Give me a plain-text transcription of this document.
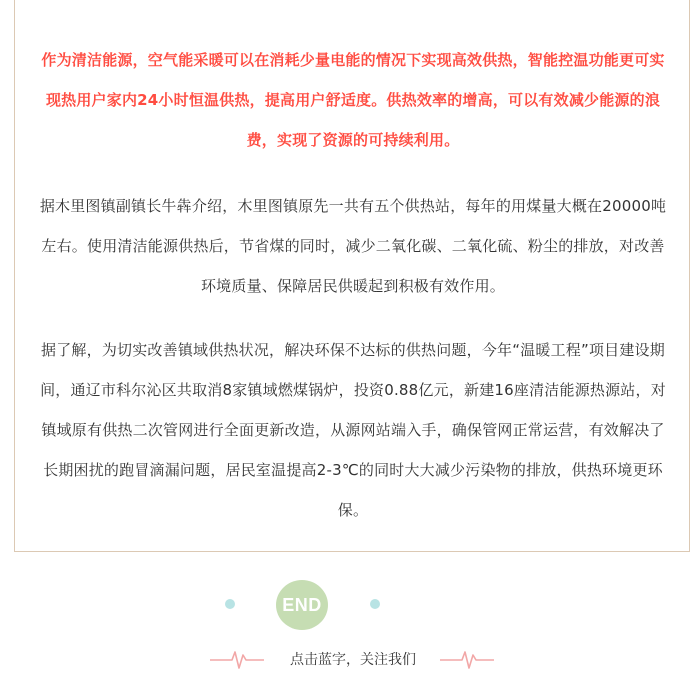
作为清洁能源，空气能采暖可以在消耗少量电能的情况下实现高效供热，智能控温功能更可实现热用户家内24小时恒温供热，提高用户舒适度。供热效率的增高，可以有效减少能源的浪费，实现了资源的可持续利用。

据木里图镇副镇长牛犇介绍，木里图镇原先一共有五个供热站，每年的用煤量大概在20000吨左右。使用清洁能源供热后，节省煤的同时，减少二氧化碳、二氧化硫、粉尘的排放，对改善环境质量、保障居民供暖起到积极有效作用。

据了解，为切实改善镇域供热状况，解决环保不达标的供热问题，今年“温暖工程”项目建设期间，通辽市科尔沁区共取消8家镇域燃煤锅炉，投资0.88亿元，新建16座清洁能源热源站，对镇域原有供热二次管网进行全面更新改造，从源网站端入手，确保管网正常运营，有效解决了长期困扰的跑冒滴漏问题，居民室温提高2-3℃的同时大大减少污染物的排放，供热环境更环保。

END
点击蓝字，关注我们
